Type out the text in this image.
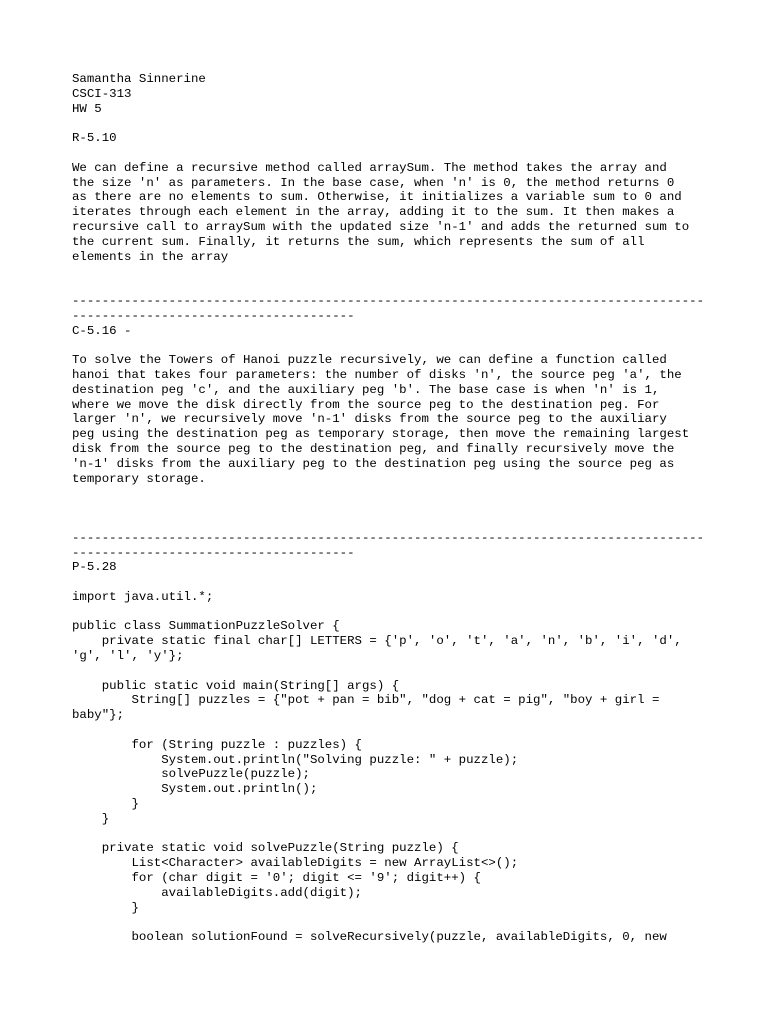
Samantha Sinnerine
CSCI-313
HW 5
R-5.10
We can define a recursive method called arraySum. The method takes the array and
the size 'n' as parameters. In the base case, when 'n' is 0, the method returns 0
as there are no elements to sum. Otherwise, it initializes a variable sum to 0 and
iterates through each element in the array, adding it to the sum. It then makes a
recursive call to arraySum with the updated size 'n-1' and adds the returned sum to
the current sum. Finally, it returns the sum, which represents the sum of all
elements in the array
-------------------------------------------------------------------------------------
--------------------------------------
C-5.16 -
To solve the Towers of Hanoi puzzle recursively, we can define a function called
hanoi that takes four parameters: the number of disks 'n', the source peg 'a', the
destination peg 'c', and the auxiliary peg 'b'. The base case is when 'n' is 1,
where we move the disk directly from the source peg to the destination peg. For
larger 'n', we recursively move 'n-1' disks from the source peg to the auxiliary
peg using the destination peg as temporary storage, then move the remaining largest
disk from the source peg to the destination peg, and finally recursively move the
'n-1' disks from the auxiliary peg to the destination peg using the source peg as
temporary storage.
-------------------------------------------------------------------------------------
--------------------------------------
P-5.28
import java.util.*;
public class SummationPuzzleSolver {
private static final char[] LETTERS = {'p', 'o', 't', 'a', 'n', 'b', 'i', 'd',
'g', 'l', 'y'};
public static void main(String[] args) {
String[] puzzles = {"pot + pan = bib", "dog + cat = pig", "boy + girl =
baby"};
for (String puzzle : puzzles) {
System.out.println("Solving puzzle: " + puzzle);
solvePuzzle(puzzle);
System.out.println();
}
}
private static void solvePuzzle(String puzzle) {
List<Character> availableDigits = new ArrayList<>();
for (char digit = '0'; digit <= '9'; digit++) {
availableDigits.add(digit);
}
boolean solutionFound = solveRecursively(puzzle, availableDigits, 0, new
